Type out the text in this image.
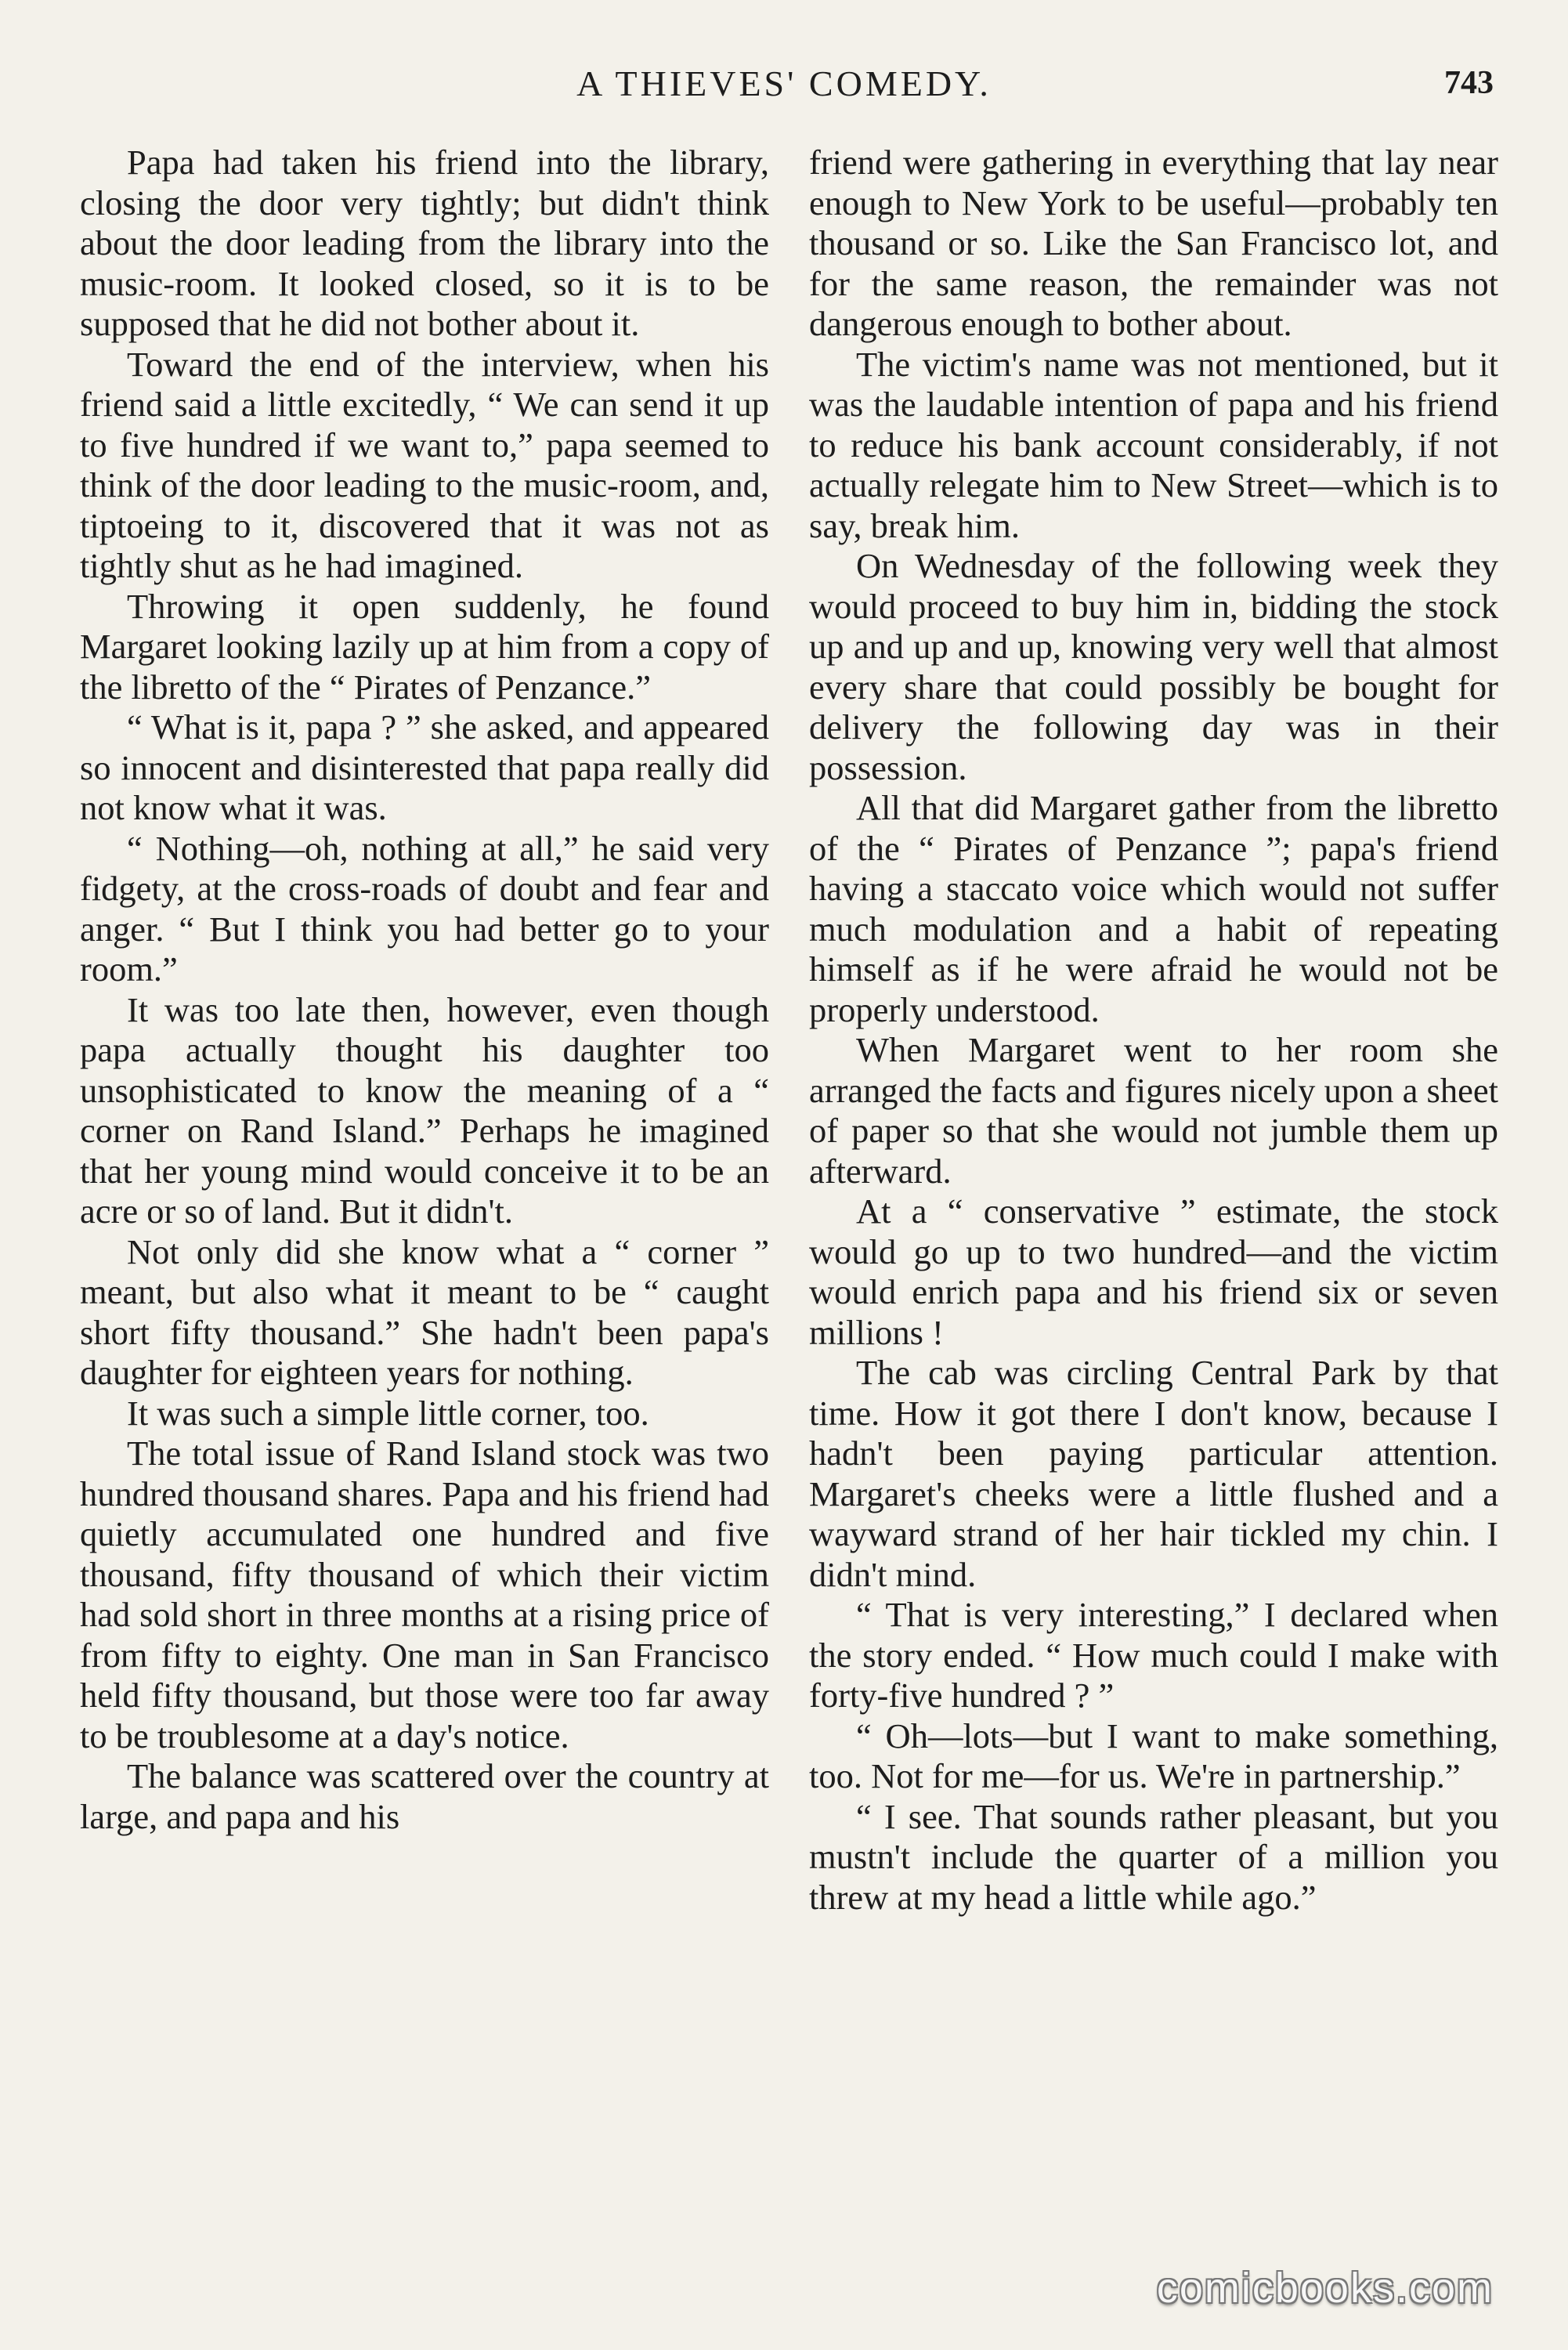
A THIEVES' COMEDY.	743

Papa had taken his friend into the library, closing the door very tightly; but didn't think about the door leading from the library into the music-room. It looked closed, so it is to be supposed that he did not bother about it.

Toward the end of the interview, when his friend said a little excitedly, “ We can send it up to five hundred if we want to,” papa seemed to think of the door leading to the music-room, and, tiptoeing to it, discovered that it was not as tightly shut as he had imagined.

Throwing it open suddenly, he found Margaret looking lazily up at him from a copy of the libretto of the “ Pirates of Penzance.”

“ What is it, papa ? ” she asked, and appeared so innocent and disinterested that papa really did not know what it was.

“ Nothing—oh, nothing at all,” he said very fidgety, at the cross-roads of doubt and fear and anger. “ But I think you had better go to your room.”

It was too late then, however, even though papa actually thought his daughter too unsophisticated to know the meaning of a “ corner on Rand Island.” Perhaps he imagined that her young mind would conceive it to be an acre or so of land. But it didn't.

Not only did she know what a “ corner ” meant, but also what it meant to be “ caught short fifty thousand.” She hadn't been papa's daughter for eighteen years for nothing.

It was such a simple little corner, too.

The total issue of Rand Island stock was two hundred thousand shares. Papa and his friend had quietly accumulated one hundred and five thousand, fifty thousand of which their victim had sold short in three months at a rising price of from fifty to eighty. One man in San Francisco held fifty thousand, but those were too far away to be troublesome at a day's notice.

The balance was scattered over the country at large, and papa and his

friend were gathering in everything that lay near enough to New York to be useful—probably ten thousand or so. Like the San Francisco lot, and for the same reason, the remainder was not dangerous enough to bother about.

The victim's name was not mentioned, but it was the laudable intention of papa and his friend to reduce his bank account considerably, if not actually relegate him to New Street—which is to say, break him.

On Wednesday of the following week they would proceed to buy him in, bidding the stock up and up and up, knowing very well that almost every share that could possibly be bought for delivery the following day was in their possession.

All that did Margaret gather from the libretto of the “ Pirates of Penzance ”; papa's friend having a staccato voice which would not suffer much modulation and a habit of repeating himself as if he were afraid he would not be properly understood.

When Margaret went to her room she arranged the facts and figures nicely upon a sheet of paper so that she would not jumble them up afterward.

At a “ conservative ” estimate, the stock would go up to two hundred—and the victim would enrich papa and his friend six or seven millions !

The cab was circling Central Park by that time. How it got there I don't know, because I hadn't been paying particular attention. Margaret's cheeks were a little flushed and a wayward strand of her hair tickled my chin. I didn't mind.

“ That is very interesting,” I declared when the story ended. “ How much could I make with forty-five hundred ? ”

“ Oh—lots—but I want to make something, too. Not for me—for us. We're in partnership.”

“ I see. That sounds rather pleasant, but you mustn't include the quarter of a million you threw at my head a little while ago.”

comicbooks.com
